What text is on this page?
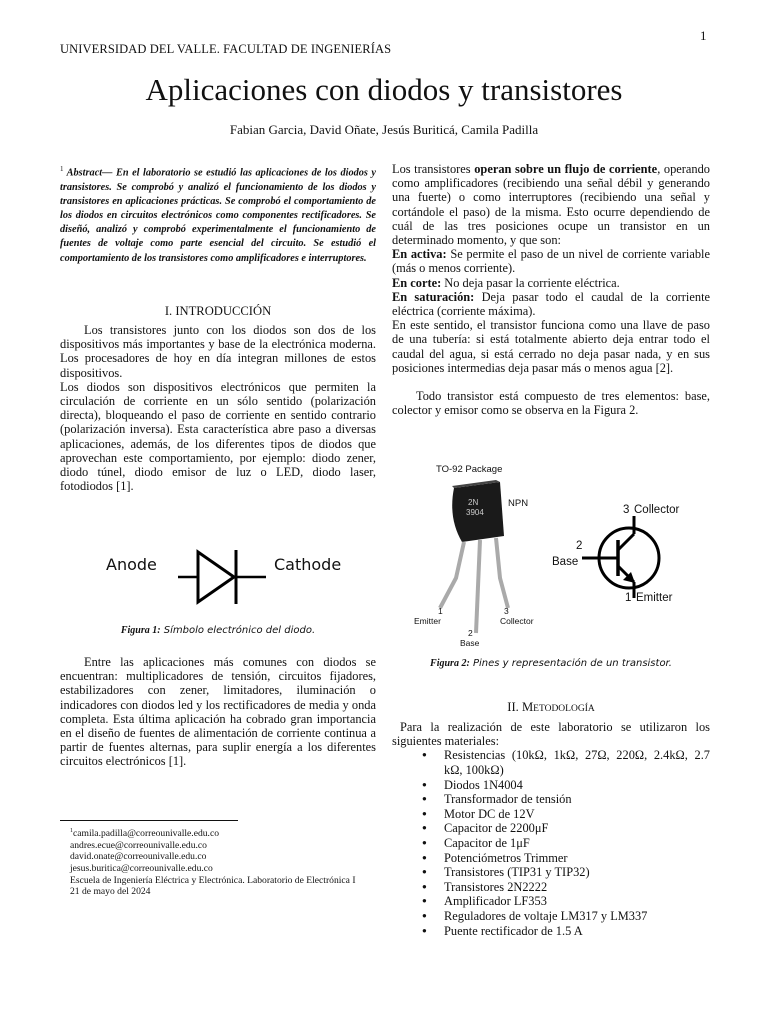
1
UNIVERSIDAD DEL VALLE. FACULTAD DE INGENIERÍAS
Aplicaciones con diodos y transistores
Fabian Garcia, David Oñate, Jesús Buriticá, Camila Padilla
$^1$ Abstract— En el laboratorio se estudió las aplicaciones de los diodos y transistores. Se comprobó y analizó el funcionamiento de los diodos y transistores en aplicaciones prácticas. Se comprobó el comportamiento de los diodos en circuitos electrónicos como componentes rectificadores. Se diseñó, analizó y comprobó experimentalmente el funcionamiento de fuentes de voltaje como parte esencial del circuito. Se estudió el comportamiento de los transistores como amplificadores e interruptores.
I. INTRODUCCIÓN

Los transistores junto con los diodos son dos de los dispositivos más importantes y base de la electrónica moderna. Los procesadores de hoy en día integran millones de estos dispositivos.

Los diodos son dispositivos electrónicos que permiten la circulación de corriente en un sólo sentido (polarización directa), bloqueando el paso de corriente en sentido contrario (polarización inversa). Esta característica abre paso a diversas aplicaciones, además, de los diferentes tipos de diodos que aprovechan este comportamiento, por ejemplo: diodo zener, diodo túnel, diodo emisor de luz o LED, diodo laser, fotodiodos [1].

Anode	Cathode
Figura 1: Símbolo electrónico del diodo.

Entre las aplicaciones más comunes con diodos se encuentran: multiplicadores de tensión, circuitos fijadores, estabilizadores con zener, limitadores, iluminación o indicadores con diodos led y los rectificadores de media y onda completa. Esta última aplicación ha cobrado gran importancia en el diseño de fuentes de alimentación de corriente continua a partir de fuentes alternas, para suplir energía a los diferentes circuitos electrónicos [1].

$^1$camila.padilla@correounivalle.edu.co
andres.ecue@correounivalle.edu.co
david.onate@correounivalle.edu.co
jesus.buritica@correounivalle.edu.co
Escuela de Ingeniería Eléctrica y Electrónica. Laboratorio de Electrónica I
21 de mayo del 2024

Los transistores operan sobre un flujo de corriente, operando como amplificadores (recibiendo una señal débil y generando una fuerte) o como interruptores (recibiendo una señal y cortándole el paso) de la misma. Esto ocurre dependiendo de cuál de las tres posiciones ocupe un transistor en un determinado momento, y que son:

En activa: Se permite el paso de un nivel de corriente variable (más o menos corriente).

En corte: No deja pasar la corriente eléctrica.

En saturación: Deja pasar todo el caudal de la corriente eléctrica (corriente máxima).

En este sentido, el transistor funciona como una llave de paso de una tubería: si está totalmente abierto deja entrar todo el caudal del agua, si está cerrado no deja pasar nada, y en sus posiciones intermedias deja pasar más o menos agua [2].

Todo transistor está compuesto de tres elementos: base, colector y emisor como se observa en la Figura 2.

TO-92 Package
2N
3904
NPN
1
Emitter
2
Base
3
Collector
3 Collector
2
Base
1 Emitter
Figura 2: Pines y representación de un transistor.
II. METODOLOGÍA

Para la realización de este laboratorio se utilizaron los siguientes materiales:

● Resistencias (10kΩ, 1kΩ, 27Ω, 220Ω, 2.4kΩ, 2.7 kΩ, 100kΩ)
● Diodos 1N4004
● Transformador de tensión
● Motor DC de 12V
● Capacitor de 2200μF
● Capacitor de 1μF
● Potenciómetros Trimmer
● Transistores (TIP31 y TIP32)
● Transistores 2N2222
● Amplificador LF353
● Reguladores de voltaje LM317 y LM337
● Puente rectificador de 1.5 A
